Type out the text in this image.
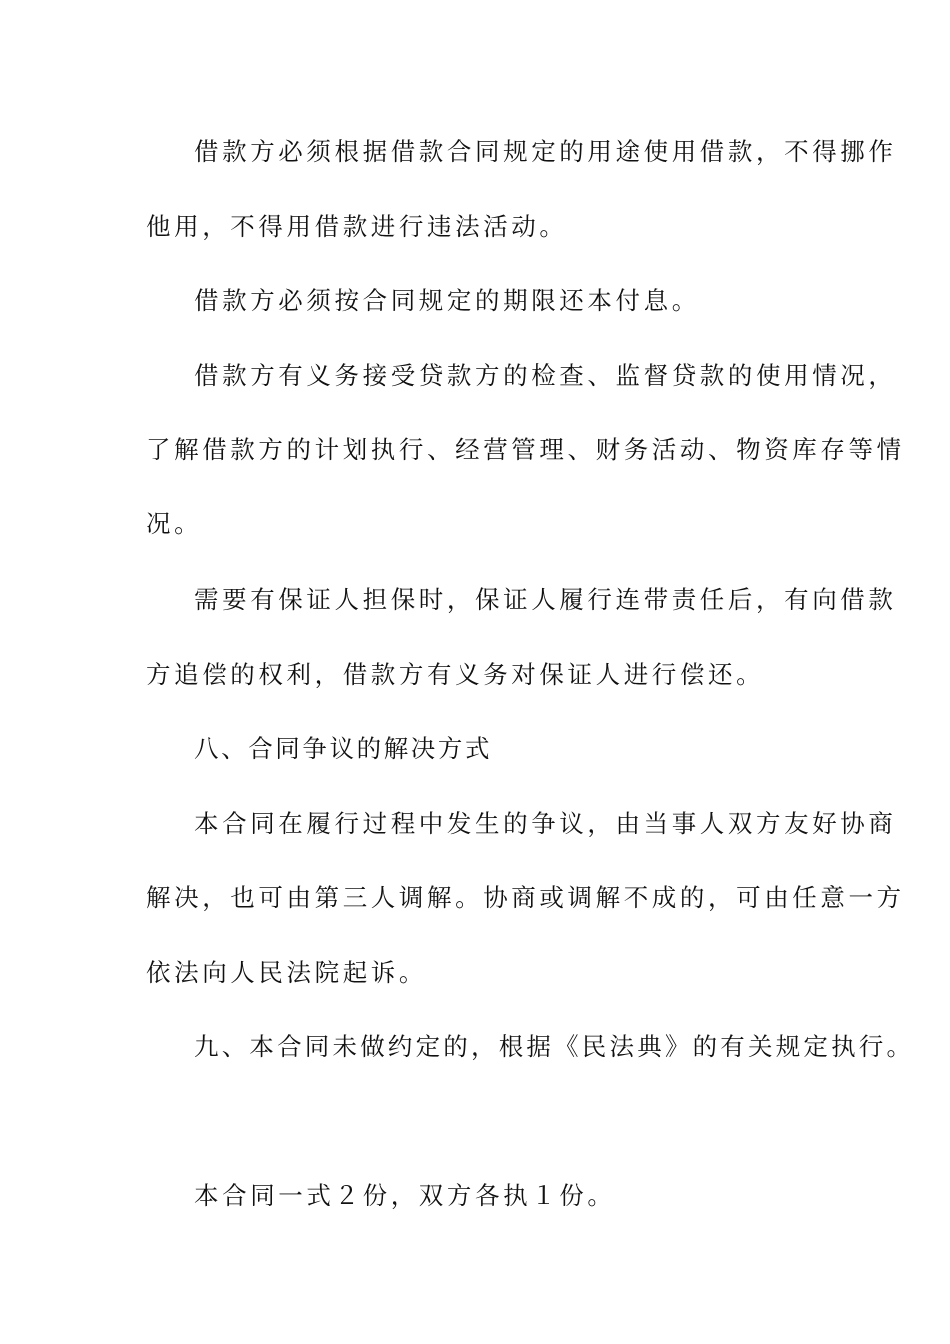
借款方必须根据借款合同规定的用途使用借款，不得挪作
他用，不得用借款进行违法活动。
借款方必须按合同规定的期限还本付息。
借款方有义务接受贷款方的检查、监督贷款的使用情况，
了解借款方的计划执行、经营管理、财务活动、物资库存等情
况。
需要有保证人担保时，保证人履行连带责任后，有向借款
方追偿的权利，借款方有义务对保证人进行偿还。
八、合同争议的解决方式
本合同在履行过程中发生的争议，由当事人双方友好协商
解决，也可由第三人调解。协商或调解不成的，可由任意一方
依法向人民法院起诉。
九、本合同未做约定的，根据《民法典》的有关规定执行。
本合同一式２份，双方各执１份。
